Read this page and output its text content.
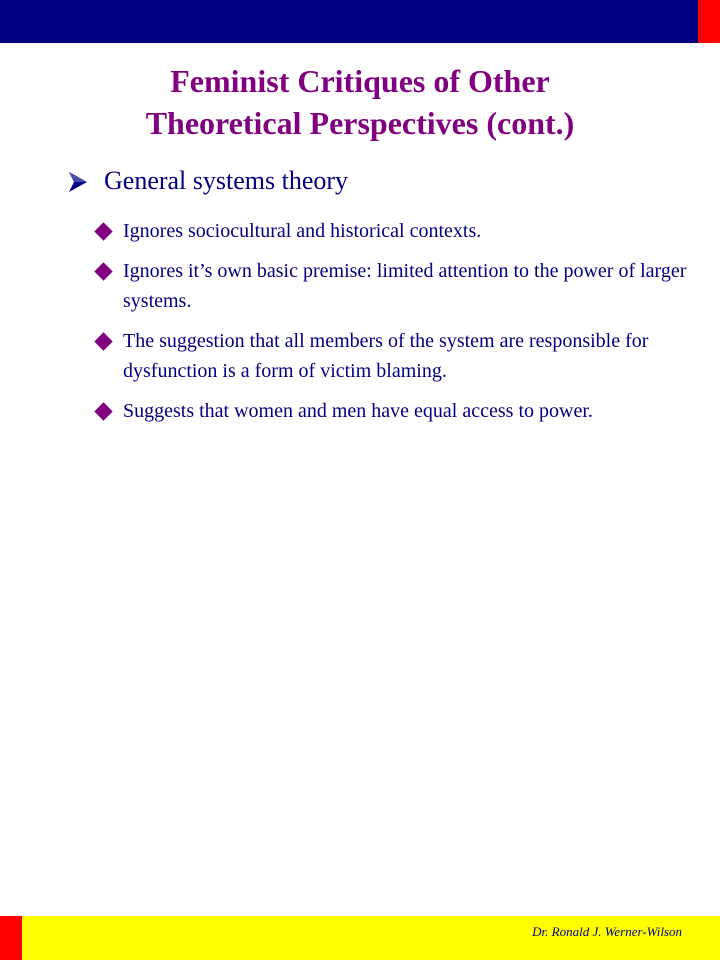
Feminist Critiques of Other
Theoretical Perspectives (cont.)
General systems theory
Ignores sociocultural and historical contexts.
Ignores it’s own basic premise: limited attention to the power of larger systems.
The suggestion that all members of the system are responsible for dysfunction is a form of victim blaming.
Suggests that women and men have equal access to power.
Dr. Ronald J. Werner-Wilson
